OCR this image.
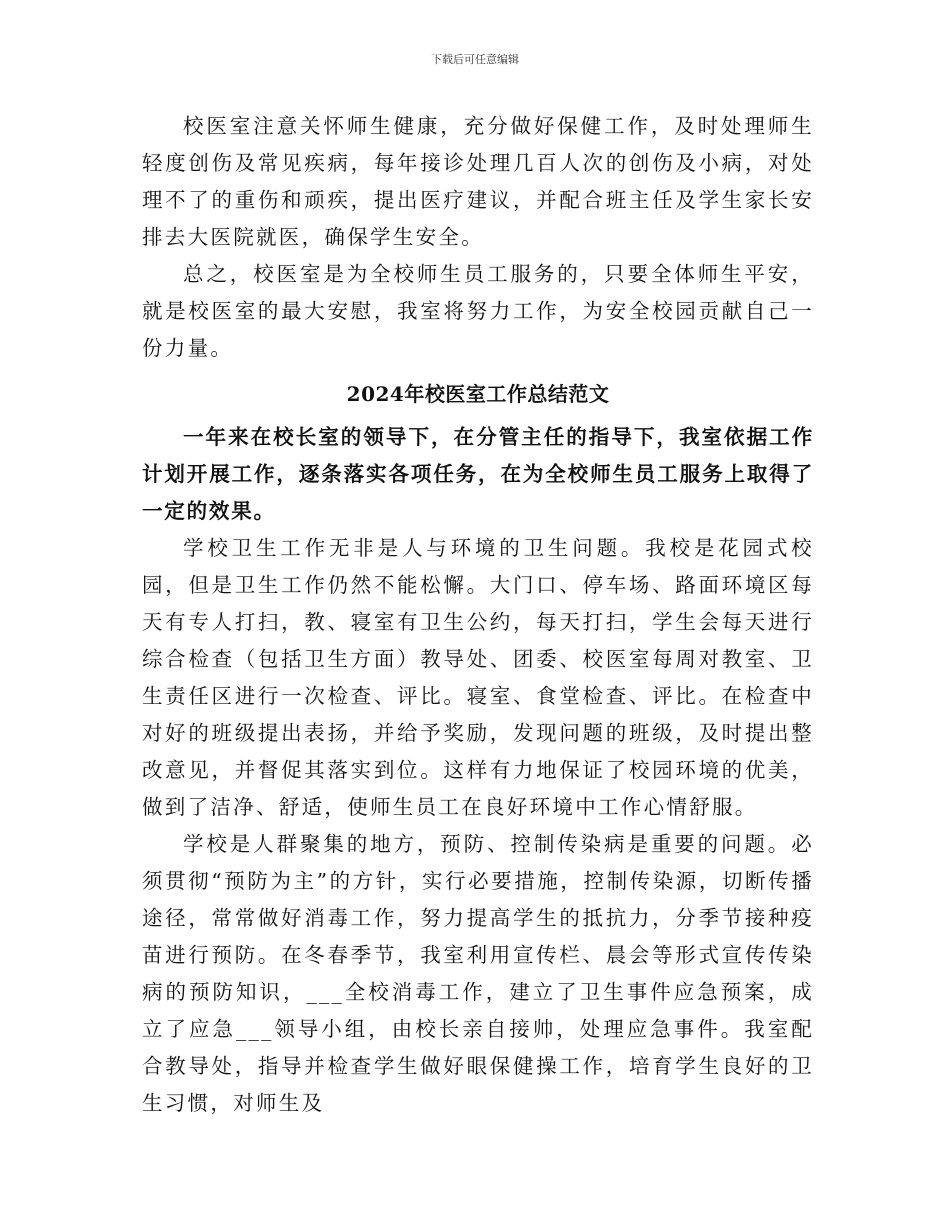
下载后可任意编辑

校医室注意关怀师生健康，充分做好保健工作，及时处理师生轻度创伤及常见疾病，每年接诊处理几百人次的创伤及小病，对处理不了的重伤和顽疾，提出医疗建议，并配合班主任及学生家长安排去大医院就医，确保学生安全。

总之，校医室是为全校师生员工服务的，只要全体师生平安，就是校医室的最大安慰，我室将努力工作，为安全校园贡献自己一份力量。

2024年校医室工作总结范文

一年来在校长室的领导下，在分管主任的指导下，我室依据工作计划开展工作，逐条落实各项任务，在为全校师生员工服务上取得了一定的效果。

学校卫生工作无非是人与环境的卫生问题。我校是花园式校园，但是卫生工作仍然不能松懈。大门口、停车场、路面环境区每天有专人打扫，教、寝室有卫生公约，每天打扫，学生会每天进行综合检查（包括卫生方面）教导处、团委、校医室每周对教室、卫生责任区进行一次检查、评比。寝室、食堂检查、评比。在检查中对好的班级提出表扬，并给予奖励，发现问题的班级，及时提出整改意见，并督促其落实到位。这样有力地保证了校园环境的优美，做到了洁净、舒适，使师生员工在良好环境中工作心情舒服。

学校是人群聚集的地方，预防、控制传染病是重要的问题。必须贯彻“预防为主”的方针，实行必要措施，控制传染源，切断传播途径，常常做好消毒工作，努力提高学生的抵抗力，分季节接种疫苗进行预防。在冬春季节，我室利用宣传栏、晨会等形式宣传传染病的预防知识，___全校消毒工作，建立了卫生事件应急预案，成立了应急___领导小组，由校长亲自接帅，处理应急事件。我室配合教导处，指导并检查学生做好眼保健操工作，培育学生良好的卫生习惯，对师生及
